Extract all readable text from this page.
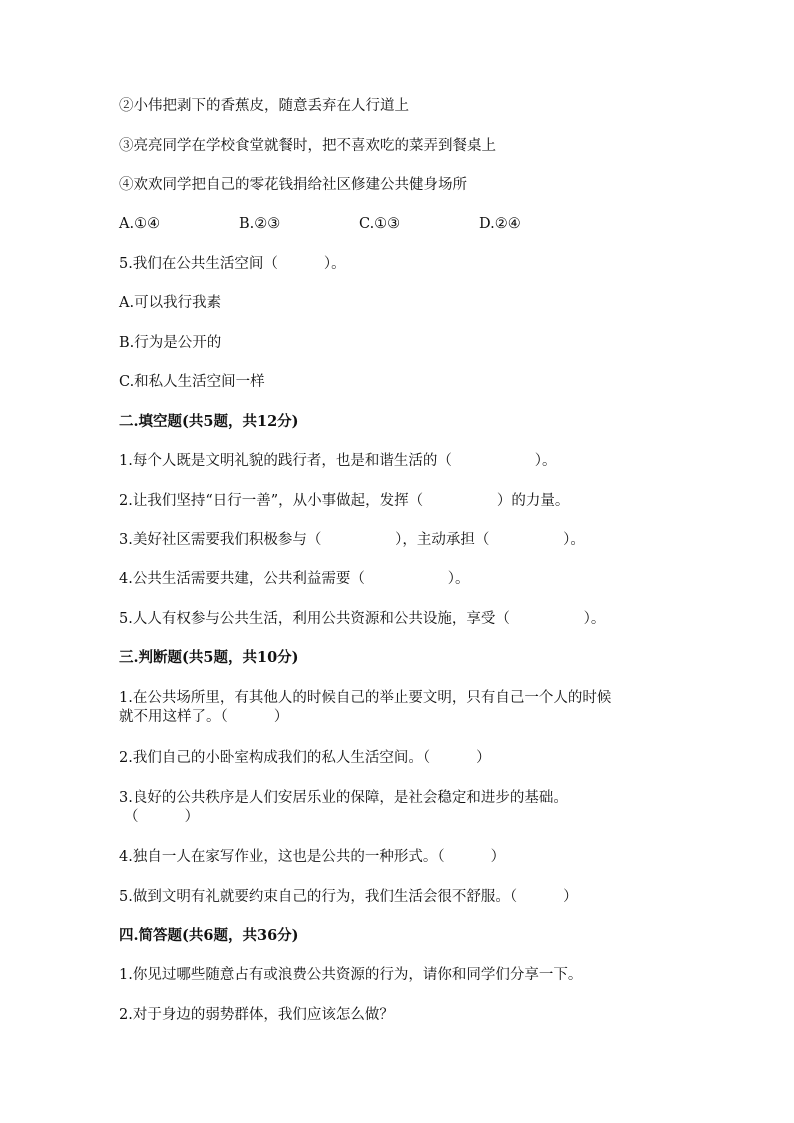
②小伟把剥下的香蕉皮，随意丢弃在人行道上
③亮亮同学在学校食堂就餐时，把不喜欢吃的菜弄到餐桌上
④欢欢同学把自己的零花钱捐给社区修建公共健身场所
A.①④	B.②③	C.①③	D.②④
5.我们在公共生活空间（          ）。
A.可以我行我素
B.行为是公开的
C.和私人生活空间一样
二.填空题(共5题，共12分)
1.每个人既是文明礼貌的践行者，也是和谐生活的（                  ）。
2.让我们坚持“日行一善”，从小事做起，发挥（                ）的力量。
3.美好社区需要我们积极参与（                ），主动承担（                ）。
4.公共生活需要共建，公共利益需要（                  ）。
5.人人有权参与公共生活，利用公共资源和公共设施，享受（                ）。
三.判断题(共5题，共10分)
1.在公共场所里，有其他人的时候自己的举止要文明，只有自己一个人的时候
就不用这样了。（          ）
2.我们自己的小卧室构成我们的私人生活空间。（          ）
3.良好的公共秩序是人们安居乐业的保障，是社会稳定和进步的基础。
（          ）
4.独自一人在家写作业，这也是公共的一种形式。（          ）
5.做到文明有礼就要约束自己的行为，我们生活会很不舒服。（          ）
四.简答题(共6题，共36分)
1.你见过哪些随意占有或浪费公共资源的行为，请你和同学们分享一下。
2.对于身边的弱势群体，我们应该怎么做？
